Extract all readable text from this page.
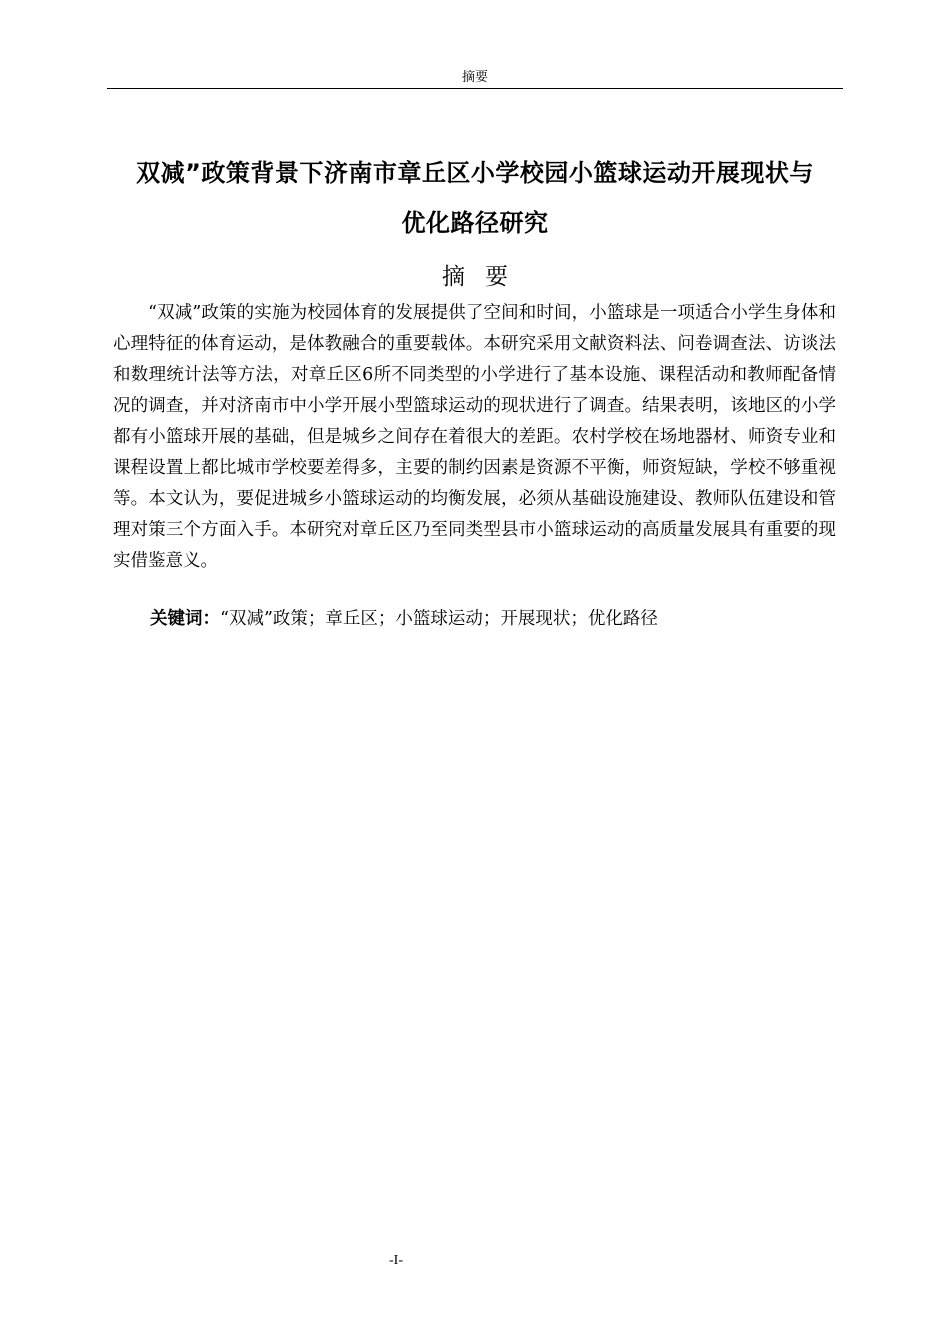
摘要
双减”政策背景下济南市章丘区小学校园小篮球运动开展现状与
优化路径研究
摘要

“双减”政策的实施为校园体育的发展提供了空间和时间，小篮球是一项适合小学生身体和心理特征的体育运动，是体教融合的重要载体。本研究采用文献资料法、问卷调查法、访谈法和数理统计法等方法，对章丘区6所不同类型的小学进行了基本设施、课程活动和教师配备情况的调查，并对济南市中小学开展小型篮球运动的现状进行了调查。结果表明，该地区的小学都有小篮球开展的基础，但是城乡之间存在着很大的差距。农村学校在场地器材、师资专业和课程设置上都比城市学校要差得多，主要的制约因素是资源不平衡，师资短缺，学校不够重视等。本文认为，要促进城乡小篮球运动的均衡发展，必须从基础设施建设、教师队伍建设和管理对策三个方面入手。本研究对章丘区乃至同类型县市小篮球运动的高质量发展具有重要的现实借鉴意义。

关键词：“双减”政策；章丘区；小篮球运动；开展现状；优化路径

-I-
